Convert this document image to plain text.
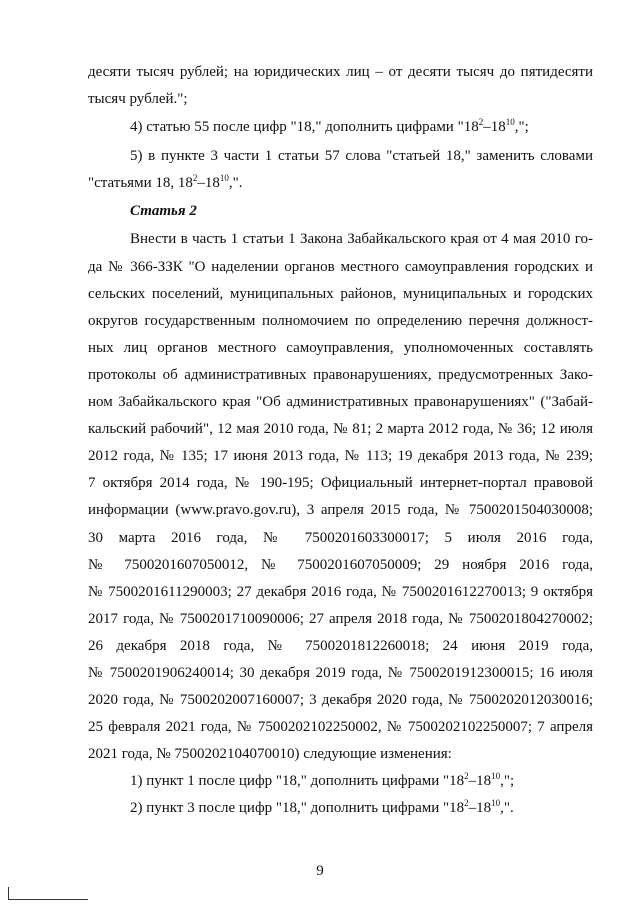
десяти тысяч рублей; на юридических лиц – от десяти тысяч до пятидесяти
тысяч рублей.";
4) статью 55 после цифр "18," дополнить цифрами "$18^2-18^{10}$,";
5) в пункте 3 части 1 статьи 57 слова "статьей 18," заменить словами
"статьями 18, $18^2-18^{10}$,".
Статья 2
Внести в часть 1 статьи 1 Закона Забайкальского края от 4 мая 2010 го-
да № 366-ЗЗК "О наделении органов местного самоуправления городских и
сельских поселений, муниципальных районов, муниципальных и городских
округов государственным полномочием по определению перечня должност-
ных лиц органов местного самоуправления, уполномоченных составлять
протоколы об административных правонарушениях, предусмотренных Зако-
ном Забайкальского края "Об административных правонарушениях" ("Забай-
кальский рабочий", 12 мая 2010 года, № 81; 2 марта 2012 года, № 36; 12 июля
2012 года, № 135; 17 июня 2013 года, № 113; 19 декабря 2013 года, № 239;
7 октября 2014 года, № 190-195; Официальный интернет-портал правовой
информации (www.pravo.gov.ru), 3 апреля 2015 года, № 7500201504030008;
30 марта 2016 года, № 7500201603300017; 5 июля 2016 года,
№ 7500201607050012, № 7500201607050009; 29 ноября 2016 года,
№ 7500201611290003; 27 декабря 2016 года, № 7500201612270013; 9 октября
2017 года, № 7500201710090006; 27 апреля 2018 года, № 7500201804270002;
26 декабря 2018 года, № 7500201812260018; 24 июня 2019 года,
№ 7500201906240014; 30 декабря 2019 года, № 7500201912300015; 16 июля
2020 года, № 7500202007160007; 3 декабря 2020 года, № 7500202012030016;
25 февраля 2021 года, № 7500202102250002, № 7500202102250007; 7 апреля
2021 года, № 7500202104070010) следующие изменения:
1) пункт 1 после цифр "18," дополнить цифрами "$18^2-18^{10}$,";
2) пункт 3 после цифр "18," дополнить цифрами "$18^2-18^{10}$,".
9
